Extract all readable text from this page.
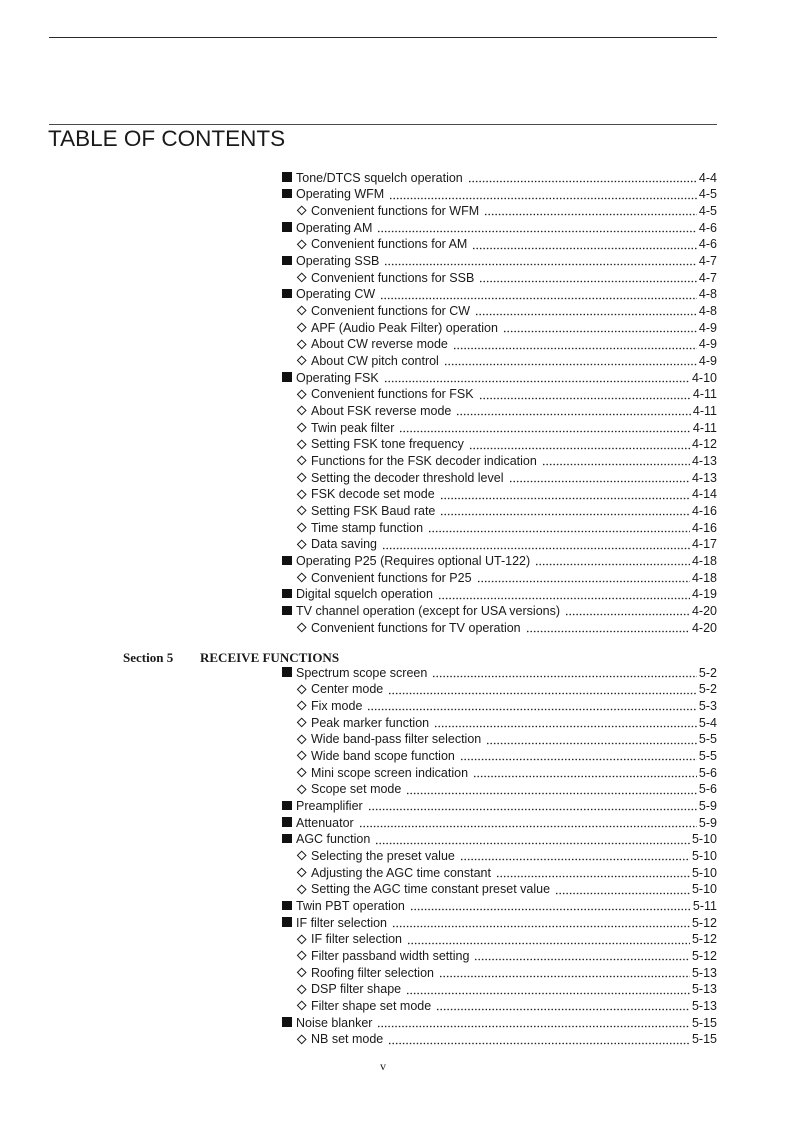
TABLE OF CONTENTS
Tone/DTCS squelch operation	4-4
Operating WFM	4-5
Convenient functions for WFM	4-5
Operating AM	4-6
Convenient functions for AM	4-6
Operating SSB	4-7
Convenient functions for SSB	4-7
Operating CW	4-8
Convenient functions for CW	4-8
APF (Audio Peak Filter) operation	4-9
About CW reverse mode	4-9
About CW pitch control	4-9
Operating FSK	4-10
Convenient functions for FSK	4-11
About FSK reverse mode	4-11
Twin peak filter	4-11
Setting FSK tone frequency	4-12
Functions for the FSK decoder indication	4-13
Setting the decoder threshold level	4-13
FSK decode set mode	4-14
Setting FSK Baud rate	4-16
Time stamp function	4-16
Data saving	4-17
Operating P25 (Requires optional UT-122)	4-18
Convenient functions for P25	4-18
Digital squelch operation	4-19
TV channel operation (except for USA versions)	4-20
Convenient functions for TV operation	4-20
Section 5 RECEIVE FUNCTIONS
Spectrum scope screen	5-2
Center mode	5-2
Fix mode	5-3
Peak marker function	5-4
Wide band-pass filter selection	5-5
Wide band scope function	5-5
Mini scope screen indication	5-6
Scope set mode	5-6
Preamplifier	5-9
Attenuator	5-9
AGC function	5-10
Selecting the preset value	5-10
Adjusting the AGC time constant	5-10
Setting the AGC time constant preset value	5-10
Twin PBT operation	5-11
IF filter selection	5-12
IF filter selection	5-12
Filter passband width setting	5-12
Roofing filter selection	5-13
DSP filter shape	5-13
Filter shape set mode	5-13
Noise blanker	5-15
NB set mode	5-15
v
